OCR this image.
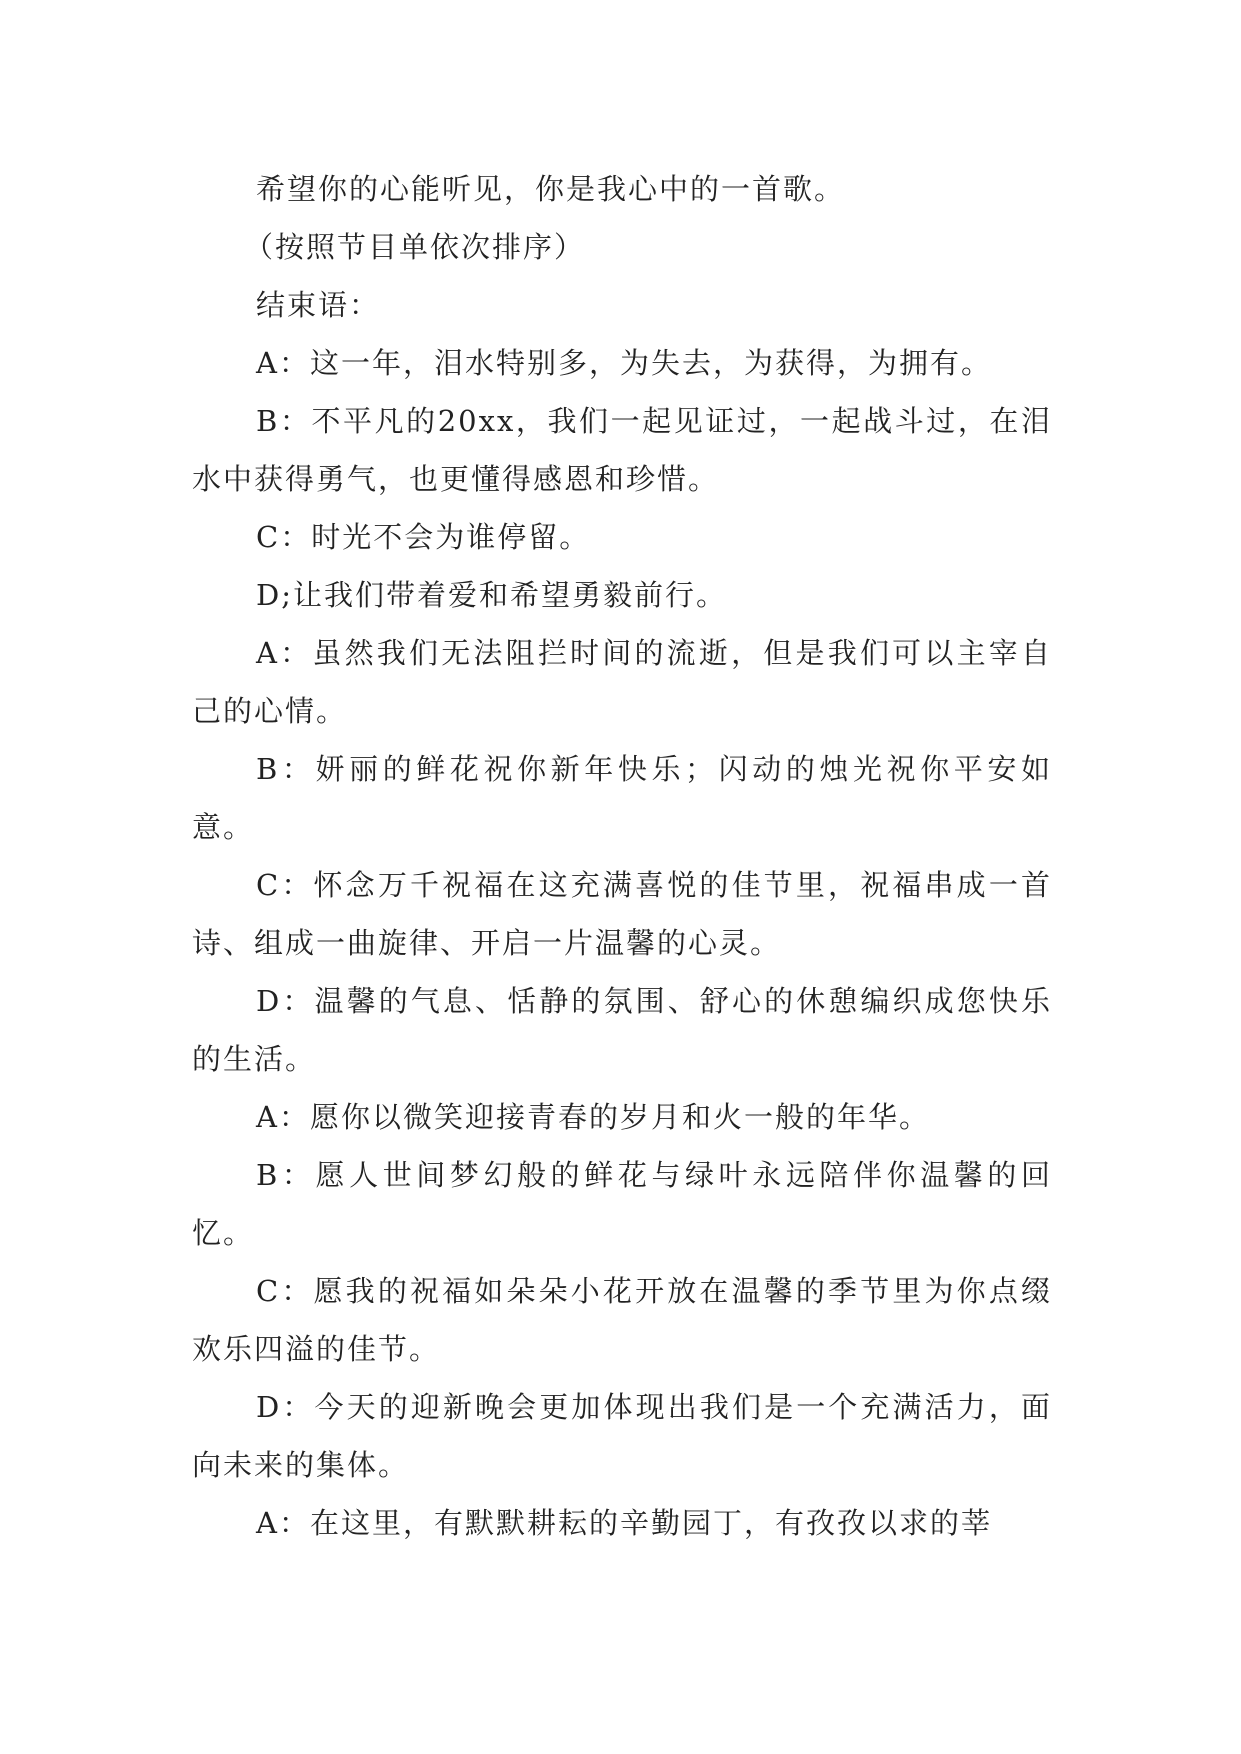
希望你的心能听见，你是我心中的一首歌。

（按照节目单依次排序）

结束语：

A：这一年，泪水特别多，为失去，为获得，为拥有。

B：不平凡的20xx，我们一起见证过，一起战斗过，在泪水中获得勇气，也更懂得感恩和珍惜。

C：时光不会为谁停留。

D;让我们带着爱和希望勇毅前行。

A：虽然我们无法阻拦时间的流逝，但是我们可以主宰自己的心情。

B：妍丽的鲜花祝你新年快乐；闪动的烛光祝你平安如意。

C：怀念万千祝福在这充满喜悦的佳节里，祝福串成一首诗、组成一曲旋律、开启一片温馨的心灵。

D：温馨的气息、恬静的氛围、舒心的休憩编织成您快乐的生活。

A：愿你以微笑迎接青春的岁月和火一般的年华。

B：愿人世间梦幻般的鲜花与绿叶永远陪伴你温馨的回忆。

C：愿我的祝福如朵朵小花开放在温馨的季节里为你点缀欢乐四溢的佳节。

D：今天的迎新晚会更加体现出我们是一个充满活力，面向未来的集体。

A：在这里，有默默耕耘的辛勤园丁，有孜孜以求的莘
